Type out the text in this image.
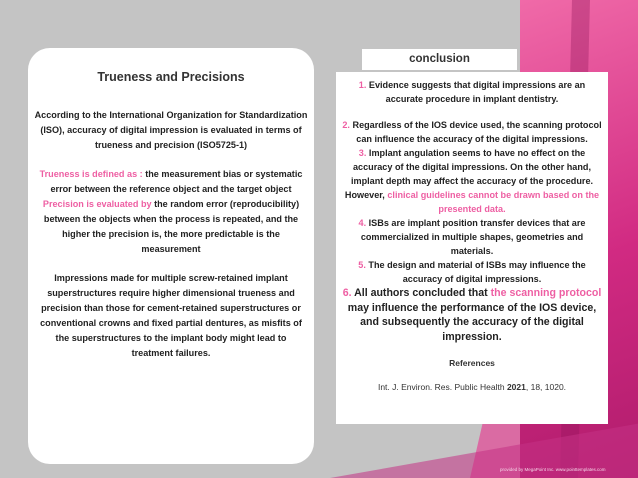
Trueness and Precisions

According to the International Organization for Standardization (ISO), accuracy of digital impression is evaluated in terms of trueness and precision (ISO5725-1)

Trueness is defined as : the measurement bias or systematic error between the reference object and the target object
Precision is evaluated by the random error (reproducibility) between the objects when the process is repeated, and the higher the precision is, the more predictable is the measurement

Impressions made for multiple screw-retained implant superstructures require higher dimensional trueness and precision than those for cement-retained superstructures or conventional crowns and fixed partial dentures, as misfits of the superstructures to the implant body might lead to treatment failures.

conclusion

1. Evidence suggests that digital impressions are an accurate procedure in implant dentistry.

2. Regardless of the IOS device used, the scanning protocol can influence the accuracy of the digital impressions.

3. Implant angulation seems to have no effect on the accuracy of the digital impressions. On the other hand, implant depth may affect the accuracy of the procedure. However, clinical guidelines cannot be drawn based on the presented data.

4. ISBs are implant position transfer devices that are commercialized in multiple shapes, geometries and materials.

5. The design and material of ISBs may influence the accuracy of digital impressions.

6. All authors concluded that the scanning protocol may influence the performance of the IOS device, and subsequently the accuracy of the digital impression.

References
Int. J. Environ. Res. Public Health 2021, 18, 1020.
provided by MegaPoint Inc. www.pointtemplates.com
